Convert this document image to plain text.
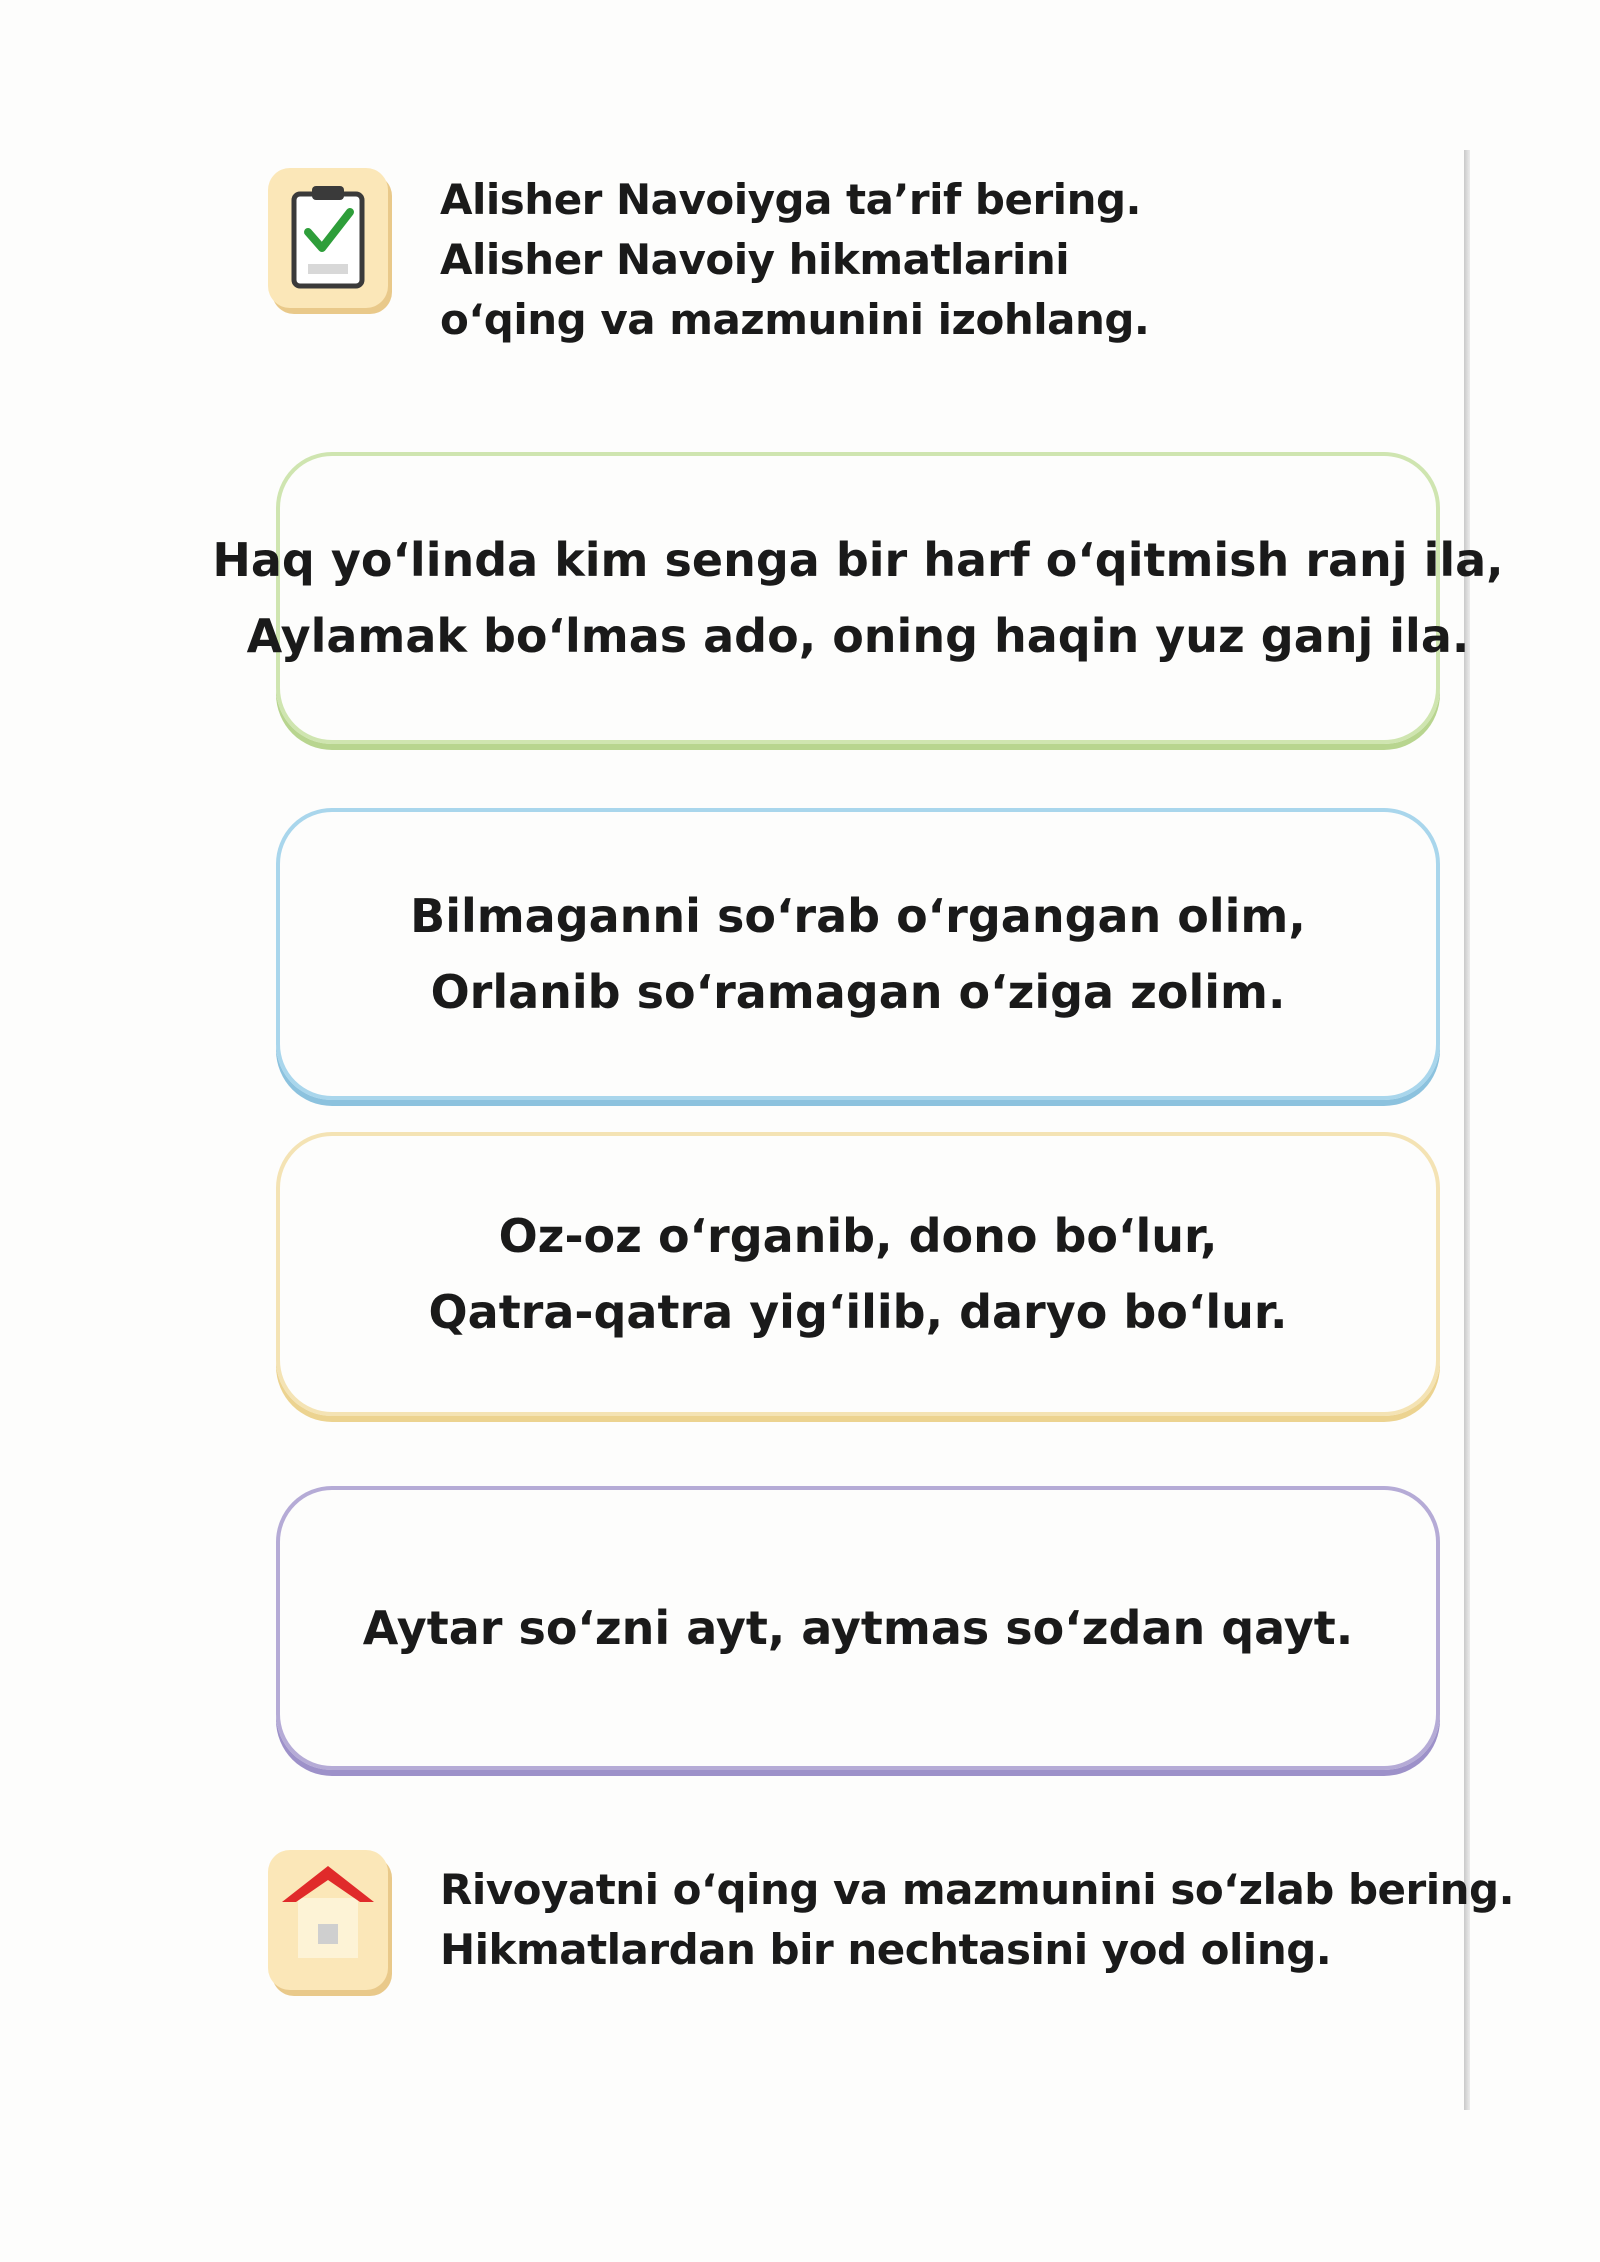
Alisher Navoiyga ta’rif bering.
Alisher Navoiy hikmatlarini
o‘qing va mazmunini izohlang.
Haq yo‘linda kim senga bir harf o‘qitmish ranj ila,
Aylamak bo‘lmas ado, oning haqin yuz ganj ila.
Bilmaganni so‘rab o‘rgangan olim,
Orlanib so‘ramagan o‘ziga zolim.
Oz-oz o‘rganib, dono bo‘lur,
Qatra-qatra yig‘ilib, daryo bo‘lur.
Aytar so‘zni ayt, aytmas so‘zdan qayt.
Rivoyatni o‘qing va mazmunini so‘zlab bering.
Hikmatlardan bir nechtasini yod oling.
